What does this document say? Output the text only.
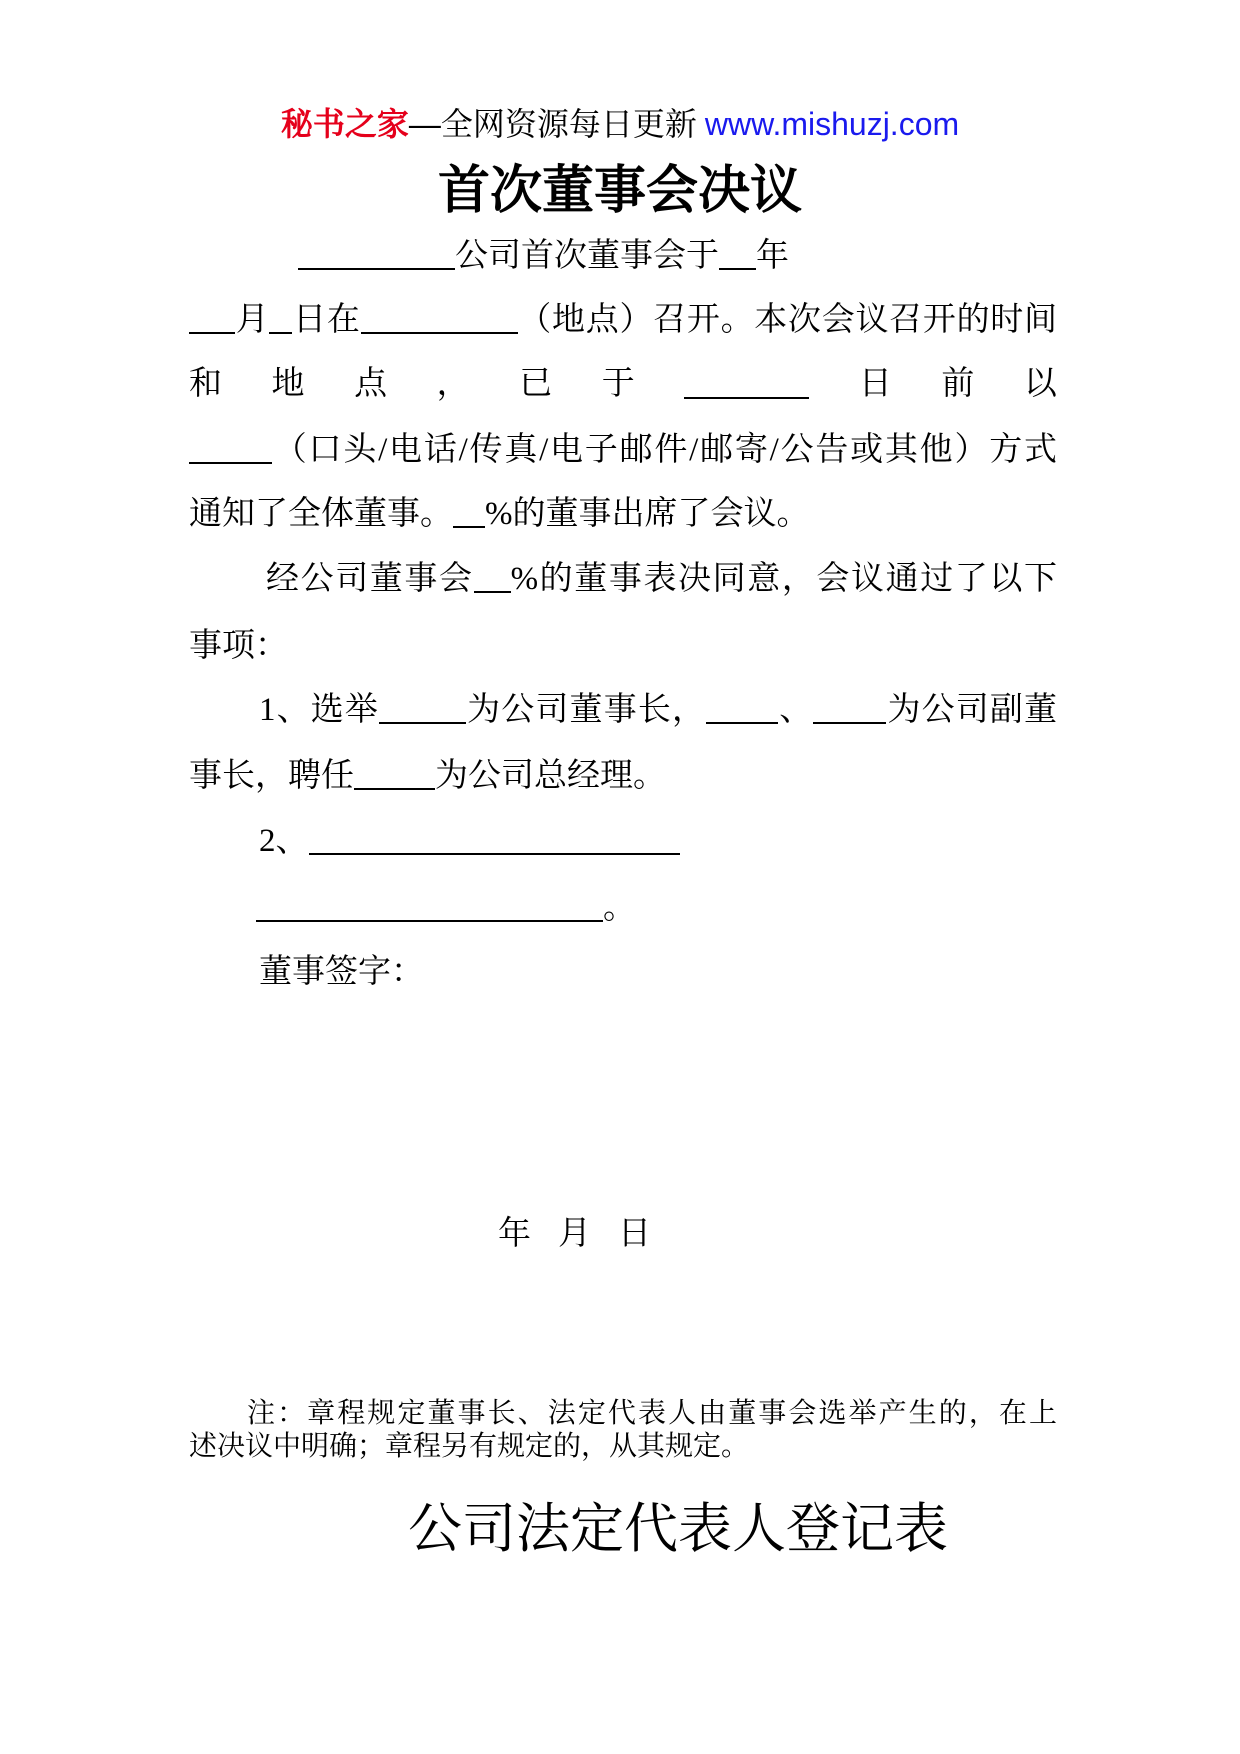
秘书之家—全网资源每日更新 www.mishuzj.com
首次董事会决议
公司首次董事会于 年
月 日在	（地点）召开。本次会议召开的时间
和 地 点 ， 已 于	日 前 以
（口头/电话/传真/电子邮件/邮寄/公告或其他）方式
通知了全体董事。 %的董事出席了会议。
经公司董事会 %的董事表决同意，会议通过了以下
事项：
1、选举	为公司董事长， 、 为公司副董
事长，聘任 为公司总经理。
2、
。
董事签字：
年 月 日
注：章程规定董事长、法定代表人由董事会选举产生的，在上
述决议中明确；章程另有规定的，从其规定。
公司法定代表人登记表
